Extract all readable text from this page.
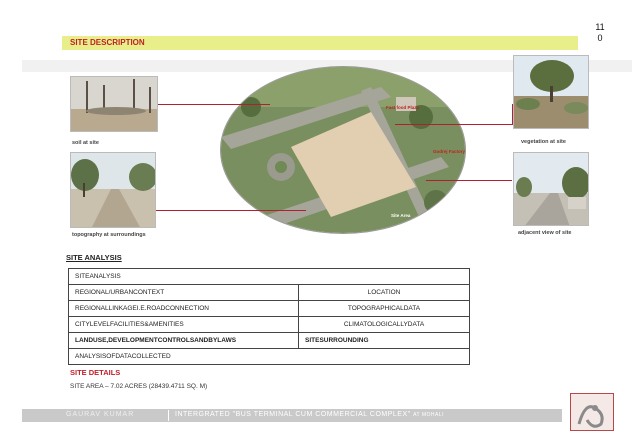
11
0
SITE DESCRIPTION
soil at site
topography at surroundings
Fast food Plaza
Godrej Factory
Site Area
vegetation at site
adjacent view of site
SITE ANALYSIS
SITEANALYSIS	
REGIONAL/URBANCONTEXT	LOCATION
REGIONALLINKAGEI.E.ROADCONNECTION	TOPOGRAPHICALDATA
CITYLEVELFACILITIES&AMENITIES	CLIMATOLOGICALLYDATA
LANDUSE,DEVELOPMENTCONTROLSANDBYLAWS	SITESURROUNDING
ANALYSISOFDATACOLLECTED	
SITE DETAILS
SITE AREA – 7.02 ACRES (28439.4711 SQ. M)
GAURAV KUMAR	INTERGRATED "BUS TERMINAL CUM COMMERCIAL COMPLEX" AT MOHALI
